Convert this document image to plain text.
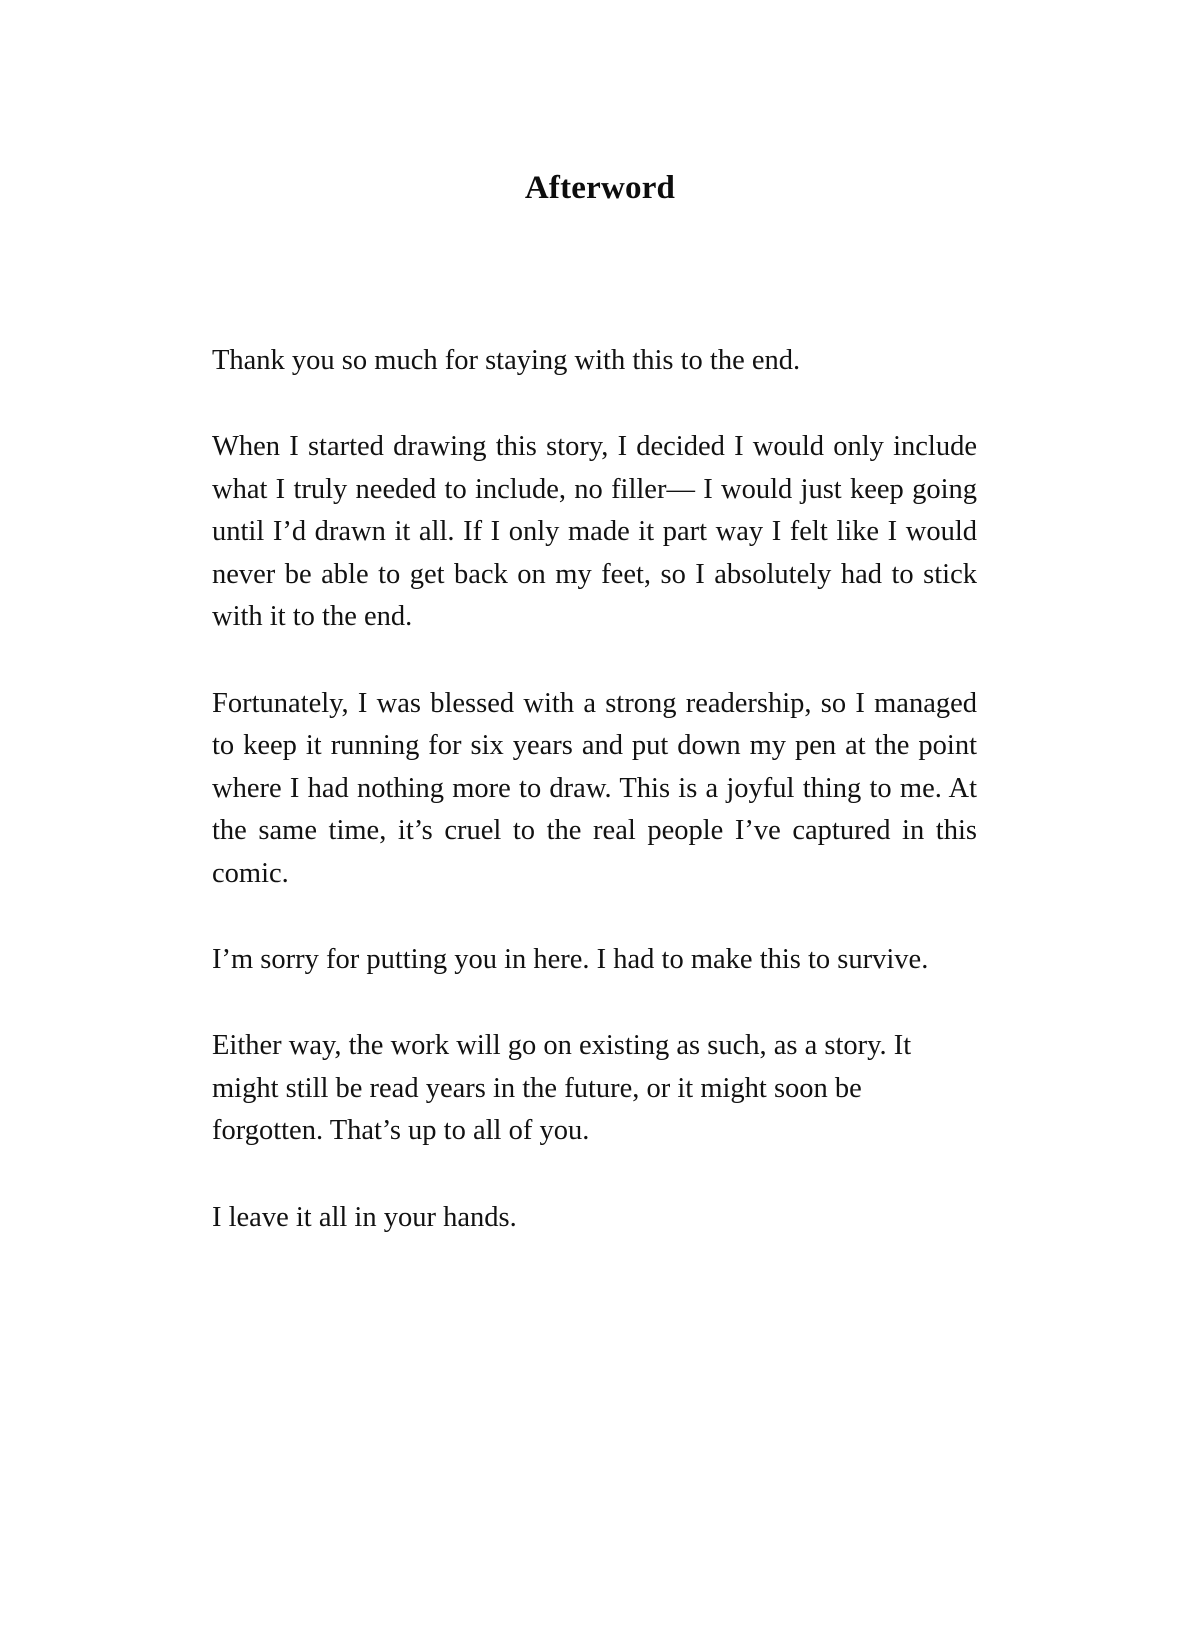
Afterword

Thank you so much for staying with this to the end.

When I started drawing this story, I decided I would only include what I truly needed to include, no filler— I would just keep going until I’d drawn it all. If I only made it part way I felt like I would never be able to get back on my feet, so I absolutely had to stick with it to the end.

Fortunately, I was blessed with a strong readership, so I managed to keep it running for six years and put down my pen at the point where I had nothing more to draw. This is a joyful thing to me. At the same time, it’s cruel to the real people I’ve captured in this comic.

I’m sorry for putting you in here. I had to make this to survive.

Either way, the work will go on existing as such, as a story. It might still be read years in the future, or it might soon be forgotten. That’s up to all of you.

I leave it all in your hands.
